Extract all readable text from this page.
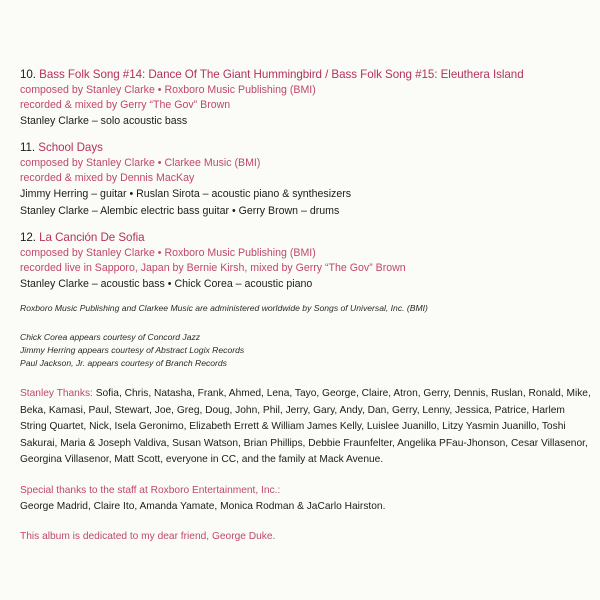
10. Bass Folk Song #14: Dance Of The Giant Hummingbird / Bass Folk Song #15: Eleuthera Island
composed by Stanley Clarke • Roxboro Music Publishing (BMI)
recorded & mixed by Gerry “The Gov” Brown
Stanley Clarke – solo acoustic bass
11. School Days
composed by Stanley Clarke • Clarkee Music (BMI)
recorded & mixed by Dennis MacKay
Jimmy Herring – guitar • Ruslan Sirota – acoustic piano & synthesizers
Stanley Clarke – Alembic electric bass guitar • Gerry Brown – drums
12. La Canción De Sofia
composed by Stanley Clarke • Roxboro Music Publishing (BMI)
recorded live in Sapporo, Japan by Bernie Kirsh, mixed by Gerry “The Gov” Brown
Stanley Clarke – acoustic bass • Chick Corea – acoustic piano
Roxboro Music Publishing and Clarkee Music are administered worldwide by Songs of Universal, Inc. (BMI)
Chick Corea appears courtesy of Concord Jazz
Jimmy Herring appears courtesy of Abstract Logix Records
Paul Jackson, Jr. appears courtesy of Branch Records
Stanley Thanks: Sofia, Chris, Natasha, Frank, Ahmed, Lena, Tayo, George, Claire, Atron, Gerry, Dennis, Ruslan, Ronald, Mike, Beka, Kamasi, Paul, Stewart, Joe, Greg, Doug, John, Phil, Jerry, Gary, Andy, Dan, Gerry, Lenny, Jessica, Patrice, Harlem String Quartet, Nick, Isela Geronimo, Elizabeth Errett & William James Kelly, Luislee Juanillo, Litzy Yasmin Juanillo, Toshi Sakurai, Maria & Joseph Valdiva, Susan Watson, Brian Phillips, Debbie Fraunfelter, Angelika PFau-Jhonson, Cesar Villasenor, Georgina Villasenor, Matt Scott, everyone in CC, and the family at Mack Avenue.
Special thanks to the staff at Roxboro Entertainment, Inc.:
George Madrid, Claire Ito, Amanda Yamate, Monica Rodman & JaCarlo Hairston.
This album is dedicated to my dear friend, George Duke.
